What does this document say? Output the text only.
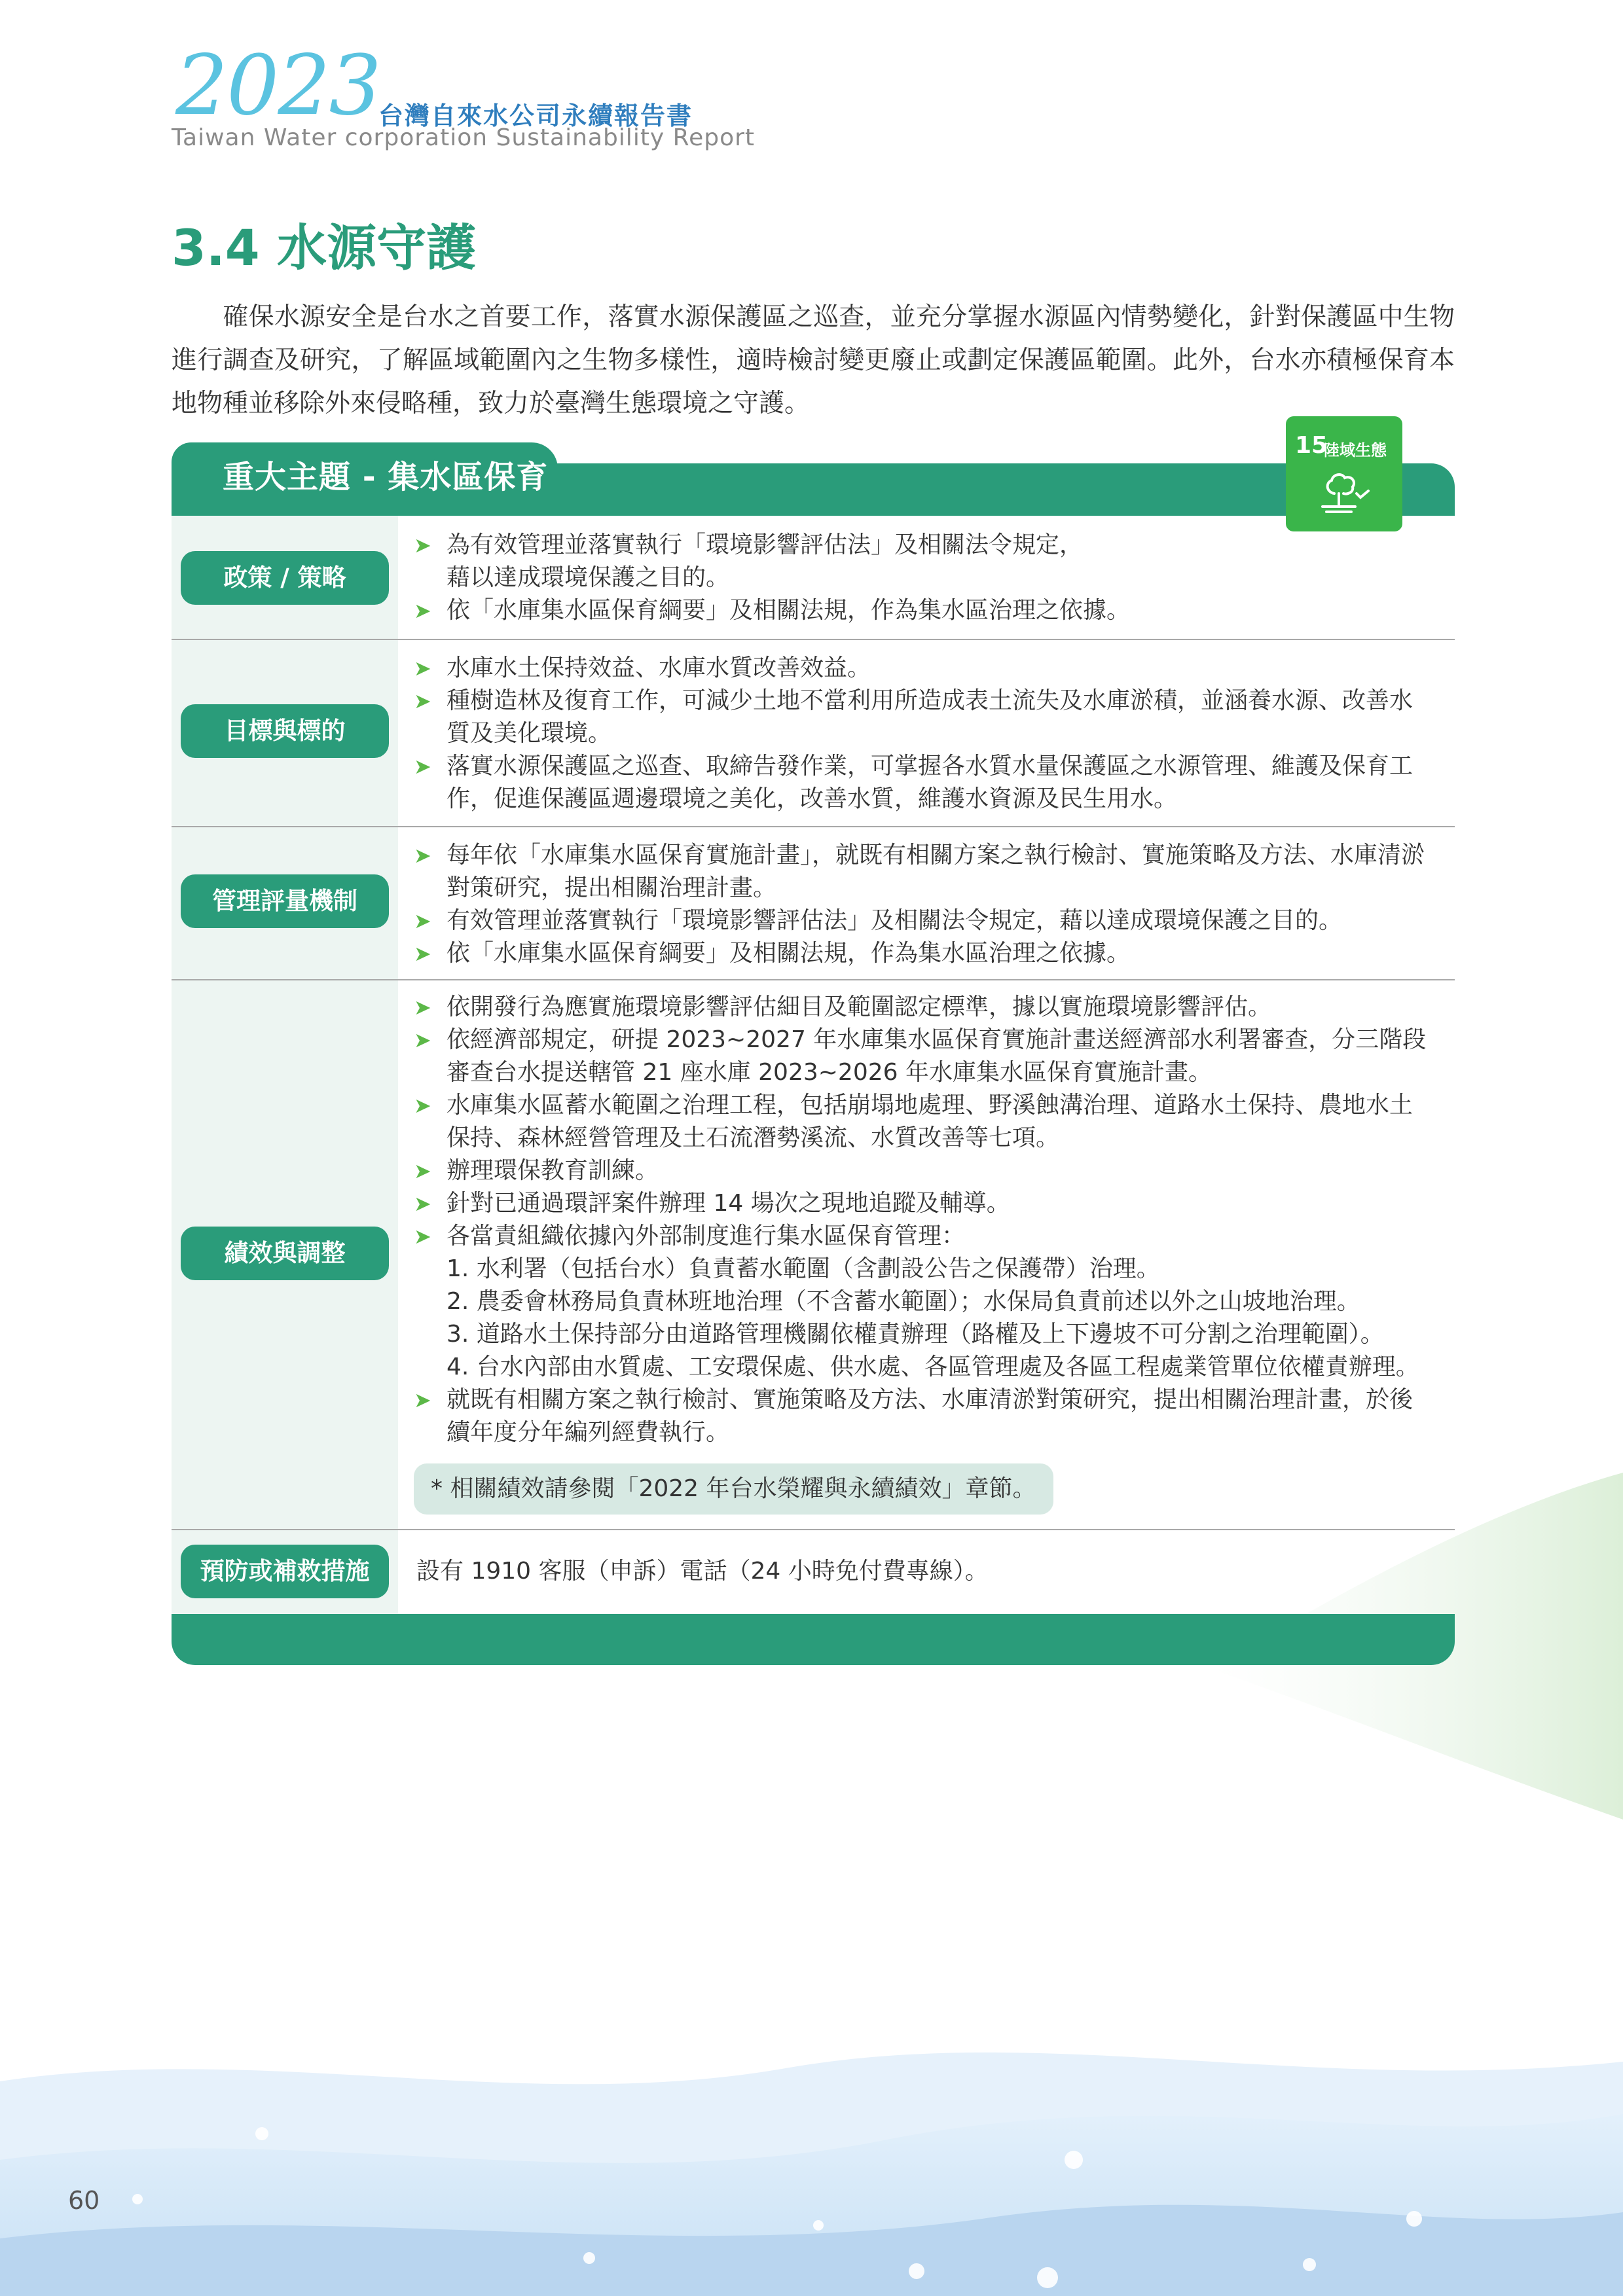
2023
台灣自來水公司永續報告書
Taiwan Water corporation Sustainability Report
3.4 水源守護
　　確保水源安全是台水之首要工作，落實水源保護區之巡查，並充分掌握水源區內情勢變化，針對保護區中生物進行調查及研究，了解區域範圍內之生物多樣性，適時檢討變更廢止或劃定保護區範圍。此外，台水亦積極保育本地物種並移除外來侵略種，致力於臺灣生態環境之守護。
重大主題 - 集水區保育
15
陸域生態
政策 / 策略
➤ 為有效管理並落實執行「環境影響評估法」及相關法令規定，
藉以達成環境保護之目的。
➤ 依「水庫集水區保育綱要」及相關法規，作為集水區治理之依據。
目標與標的
➤ 水庫水土保持效益、水庫水質改善效益。
➤ 種樹造林及復育工作，可減少土地不當利用所造成表土流失及水庫淤積，並涵養水源、改善水質及美化環境。
➤ 落實水源保護區之巡查、取締告發作業，可掌握各水質水量保護區之水源管理、維護及保育工作，促進保護區週邊環境之美化，改善水質，維護水資源及民生用水。
管理評量機制
➤ 每年依「水庫集水區保育實施計畫」，就既有相關方案之執行檢討、實施策略及方法、水庫清淤對策研究，提出相關治理計畫。
➤ 有效管理並落實執行「環境影響評估法」及相關法令規定，藉以達成環境保護之目的。
➤ 依「水庫集水區保育綱要」及相關法規，作為集水區治理之依據。
績效與調整
➤ 依開發行為應實施環境影響評估細目及範圍認定標準，據以實施環境影響評估。
➤ 依經濟部規定，研提 2023~2027 年水庫集水區保育實施計畫送經濟部水利署審查，分三階段審查台水提送轄管 21 座水庫 2023~2026 年水庫集水區保育實施計畫。
➤ 水庫集水區蓄水範圍之治理工程，包括崩塌地處理、野溪蝕溝治理、道路水土保持、農地水土保持、森林經營管理及土石流潛勢溪流、水質改善等七項。
➤ 辦理環保教育訓練。
➤ 針對已通過環評案件辦理 14 場次之現地追蹤及輔導。
➤ 各當責組織依據內外部制度進行集水區保育管理：
1. 水利署（包括台水）負責蓄水範圍（含劃設公告之保護帶）治理。
2. 農委會林務局負責林班地治理（不含蓄水範圍）；水保局負責前述以外之山坡地治理。
3. 道路水土保持部分由道路管理機關依權責辦理（路權及上下邊坡不可分割之治理範圍）。
4. 台水內部由水質處、工安環保處、供水處、各區管理處及各區工程處業管單位依權責辦理。
➤ 就既有相關方案之執行檢討、實施策略及方法、水庫清淤對策研究，提出相關治理計畫，於後續年度分年編列經費執行。
* 相關績效請參閱「2022 年台水榮耀與永續績效」章節。
預防或補救措施	設有 1910 客服（申訴）電話（24 小時免付費專線）。
60
